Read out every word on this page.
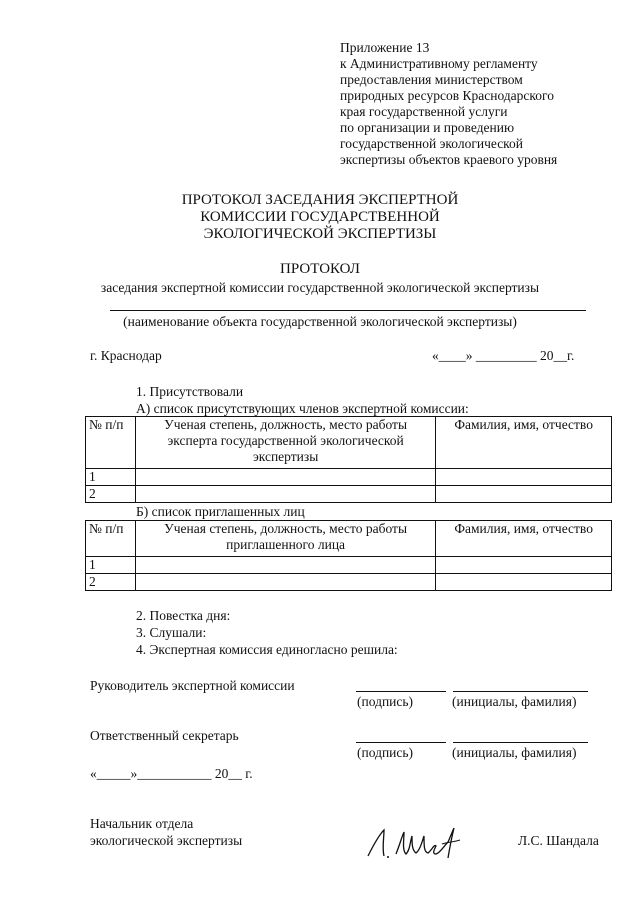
Приложение 13
к Административному регламенту
предоставления министерством
природных ресурсов Краснодарского
края государственной услуги
по организации и проведению
государственной экологической
экспертизы объектов краевого уровня
ПРОТОКОЛ ЗАСЕДАНИЯ ЭКСПЕРТНОЙ
КОМИССИИ ГОСУДАРСТВЕННОЙ
ЭКОЛОГИЧЕСКОЙ ЭКСПЕРТИЗЫ
ПРОТОКОЛ
заседания экспертной комиссии государственной экологической экспертизы
(наименование объекта государственной экологической экспертизы)
г. Краснодар	«____» _________ 20__г.
1. Присутствовали
А) список присутствующих членов экспертной комиссии:
№ п/п	Ученая степень, должность, место работы эксперта государственной экологической экспертизы	Фамилия, имя, отчество
1		
2		
Б) список приглашенных лиц
№ п/п	Ученая степень, должность, место работы приглашенного лица	Фамилия, имя, отчество
1		
2		
2. Повестка дня:
3. Слушали:
4. Экспертная комиссия единогласно решила:
Руководитель экспертной комиссии
(подпись)	(инициалы, фамилия)
Ответственный секретарь
(подпись)	(инициалы, фамилия)
«_____»___________ 20__ г.
Начальник отдела
экологической экспертизы	Л.С. Шандала
